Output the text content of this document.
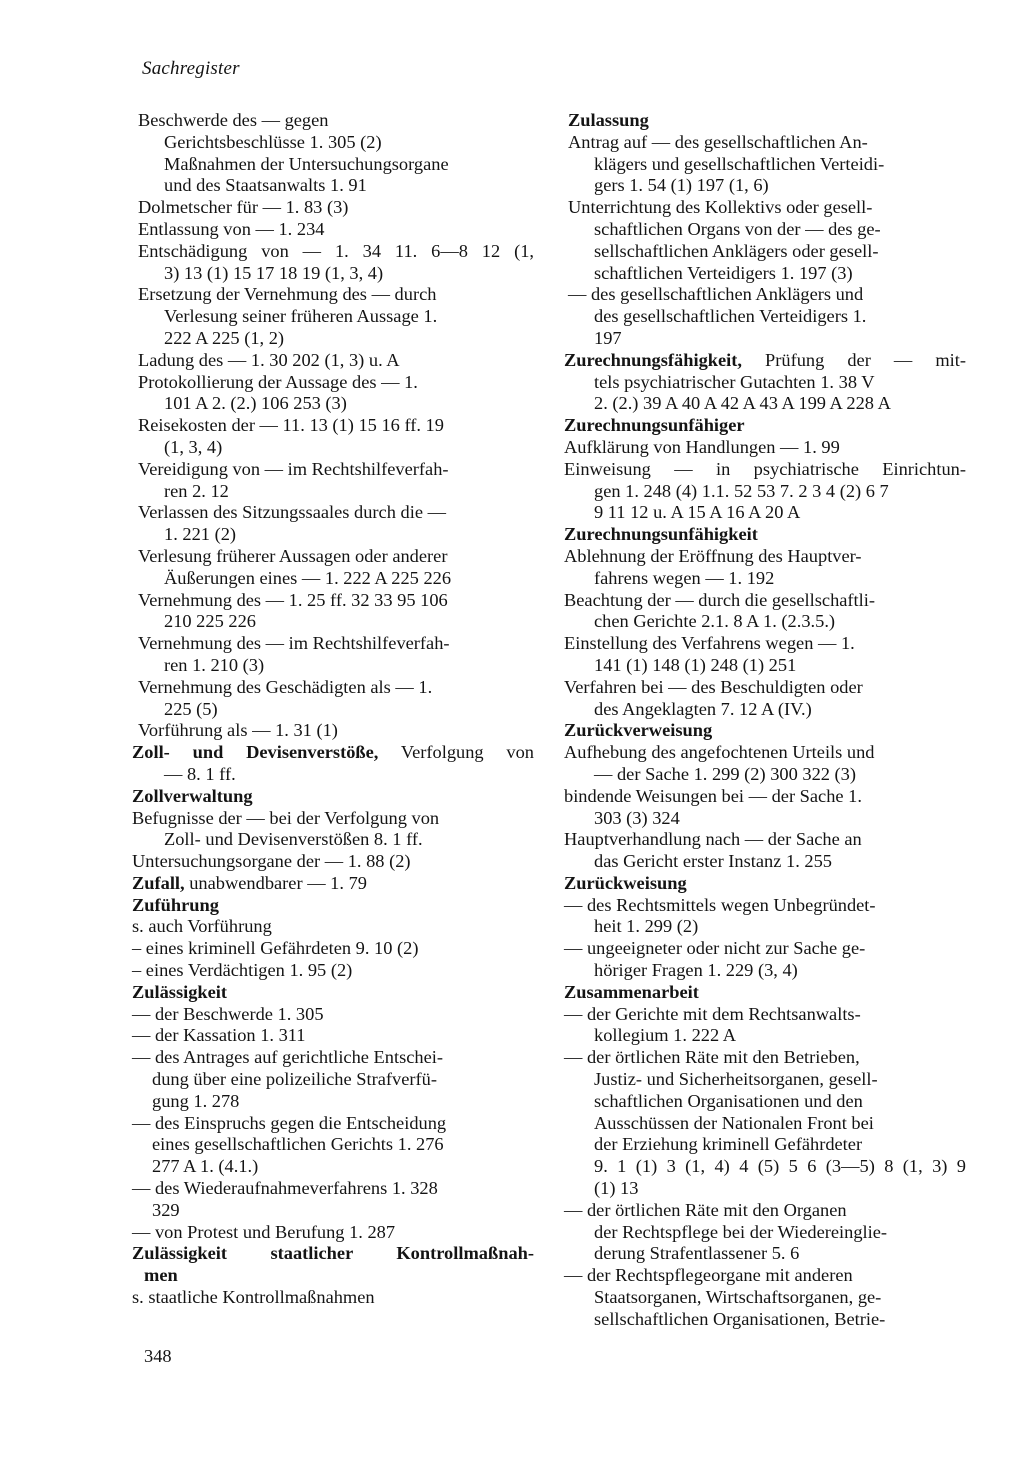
Sachregister
Beschwerde des — gegen
Gerichtsbeschlüsse 1. 305 (2)
Maßnahmen der Untersuchungsorgane
und des Staatsanwalts 1. 91
Dolmetscher für — 1. 83 (3)
Entlassung von — 1. 234
Entschädigung von — 1. 34 11. 6—8 12 (1,
3) 13 (1) 15 17 18 19 (1, 3, 4)
Ersetzung der Vernehmung des — durch
Verlesung seiner früheren Aussage 1.
222 A 225 (1, 2)
Ladung des — 1. 30 202 (1, 3) u. A
Protokollierung der Aussage des — 1.
101 A 2. (2.) 106 253 (3)
Reisekosten der — 11. 13 (1) 15 16 ff. 19
(1, 3, 4)
Vereidigung von — im Rechtshilfeverfah-
ren 2. 12
Verlassen des Sitzungssaales durch die —
1. 221 (2)
Verlesung früherer Aussagen oder anderer
Äußerungen eines — 1. 222 A 225 226
Vernehmung des — 1. 25 ff. 32 33 95 106
210 225 226
Vernehmung des — im Rechtshilfeverfah-
ren 1. 210 (3)
Vernehmung des Geschädigten als — 1.
225 (5)
Vorführung als — 1. 31 (1)
Zoll- und Devisenverstöße, Verfolgung von
— 8. 1 ff.
Zollverwaltung
Befugnisse der — bei der Verfolgung von
Zoll- und Devisenverstößen 8. 1 ff.
Untersuchungsorgane der — 1. 88 (2)
Zufall, unabwendbarer — 1. 79
Zuführung
s. auch Vorführung
– eines kriminell Gefährdeten 9. 10 (2)
– eines Verdächtigen 1. 95 (2)
Zulässigkeit
— der Beschwerde 1. 305
— der Kassation 1. 311
— des Antrages auf gerichtliche Entschei-
dung über eine polizeiliche Strafverfü-
gung 1. 278
— des Einspruchs gegen die Entscheidung
eines gesellschaftlichen Gerichts 1. 276
277 A 1. (4.1.)
— des Wiederaufnahmeverfahrens 1. 328
329
— von Protest und Berufung 1. 287
Zulässigkeit staatlicher Kontrollmaßnah-
men
s. staatliche Kontrollmaßnahmen
Zulassung
Antrag auf — des gesellschaftlichen An-
klägers und gesellschaftlichen Verteidi-
gers 1. 54 (1) 197 (1, 6)
Unterrichtung des Kollektivs oder gesell-
schaftlichen Organs von der — des ge-
sellschaftlichen Anklägers oder gesell-
schaftlichen Verteidigers 1. 197 (3)
— des gesellschaftlichen Anklägers und
des gesellschaftlichen Verteidigers 1.
197
Zurechnungsfähigkeit, Prüfung der — mit-
tels psychiatrischer Gutachten 1. 38 V
2. (2.) 39 A 40 A 42 A 43 A 199 A 228 A
Zurechnungsunfähiger
Aufklärung von Handlungen — 1. 99
Einweisung — in psychiatrische Einrichtun-
gen 1. 248 (4) 1.1. 52 53 7. 2 3 4 (2) 6 7
9 11 12 u. A 15 A 16 A 20 A
Zurechnungsunfähigkeit
Ablehnung der Eröffnung des Hauptver-
fahrens wegen — 1. 192
Beachtung der — durch die gesellschaftli-
chen Gerichte 2.1. 8 A 1. (2.3.5.)
Einstellung des Verfahrens wegen — 1.
141 (1) 148 (1) 248 (1) 251
Verfahren bei — des Beschuldigten oder
des Angeklagten 7. 12 A (IV.)
Zurückverweisung
Aufhebung des angefochtenen Urteils und
— der Sache 1. 299 (2) 300 322 (3)
bindende Weisungen bei — der Sache 1.
303 (3) 324
Hauptverhandlung nach — der Sache an
das Gericht erster Instanz 1. 255
Zurückweisung
— des Rechtsmittels wegen Unbegründet-
heit 1. 299 (2)
— ungeeigneter oder nicht zur Sache ge-
höriger Fragen 1. 229 (3, 4)
Zusammenarbeit
— der Gerichte mit dem Rechtsanwalts-
kollegium 1. 222 A
— der örtlichen Räte mit den Betrieben,
Justiz- und Sicherheitsorganen, gesell-
schaftlichen Organisationen und den
Ausschüssen der Nationalen Front bei
der Erziehung kriminell Gefährdeter
9. 1 (1) 3 (1, 4) 4 (5) 5 6 (3—5) 8 (1, 3) 9
(1) 13
— der örtlichen Räte mit den Organen
der Rechtspflege bei der Wiedereinglie-
derung Strafentlassener 5. 6
— der Rechtspflegeorgane mit anderen
Staatsorganen, Wirtschaftsorganen, ge-
sellschaftlichen Organisationen, Betrie-
348
